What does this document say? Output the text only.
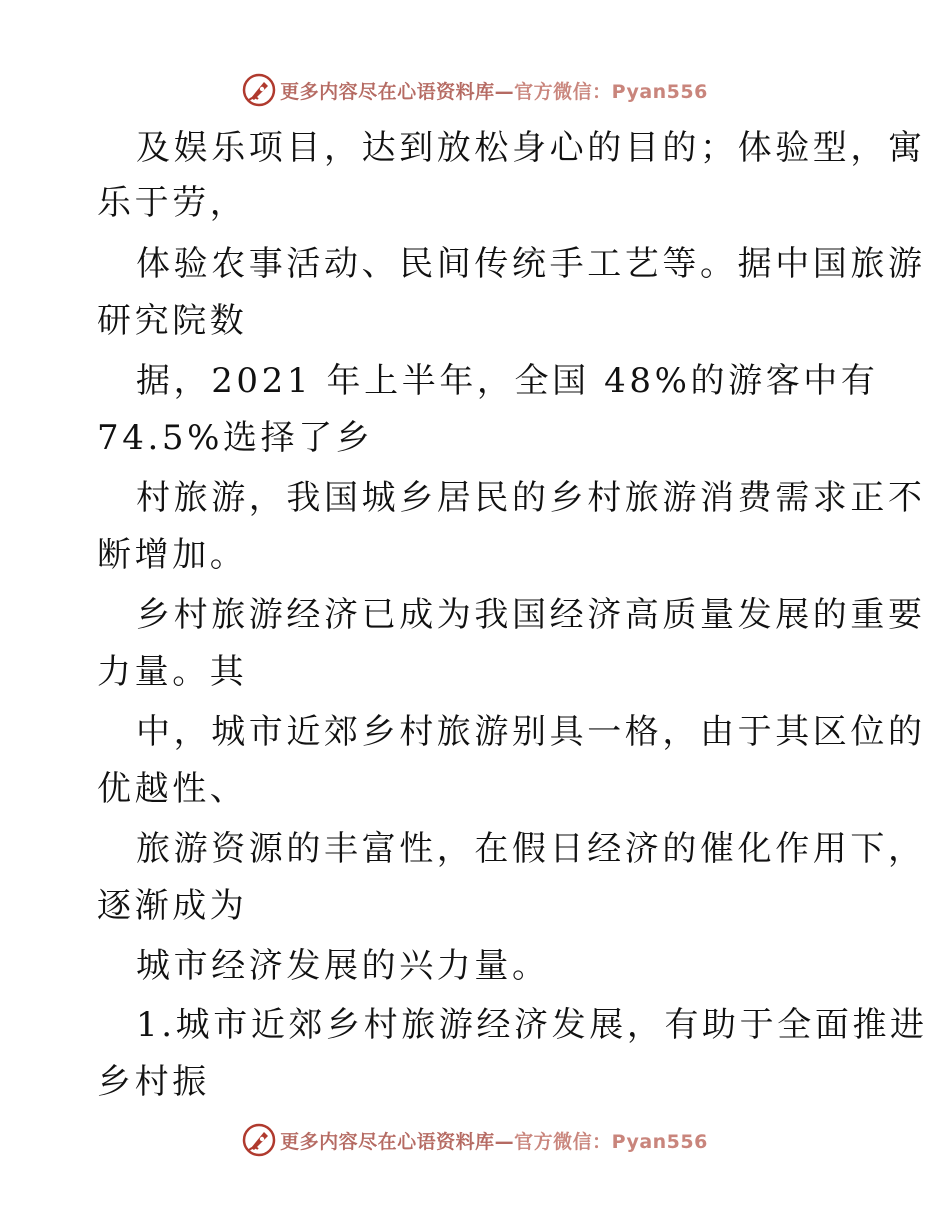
更多内容尽在心语资料库—官方微信：Pyan556
及娱乐项目，达到放松身心的目的；体验型，寓
乐于劳，
体验农事活动、民间传统手工艺等。据中国旅游
研究院数
据，2021 年上半年，全国 48%的游客中有
74.5%选择了乡
村旅游，我国城乡居民的乡村旅游消费需求正不
断增加。
乡村旅游经济已成为我国经济高质量发展的重要
力量。其
中，城市近郊乡村旅游别具一格，由于其区位的
优越性、
旅游资源的丰富性，在假日经济的催化作用下，
逐渐成为
城市经济发展的兴力量。
1.城市近郊乡村旅游经济发展，有助于全面推进
乡村振
更多内容尽在心语资料库—官方微信：Pyan556
